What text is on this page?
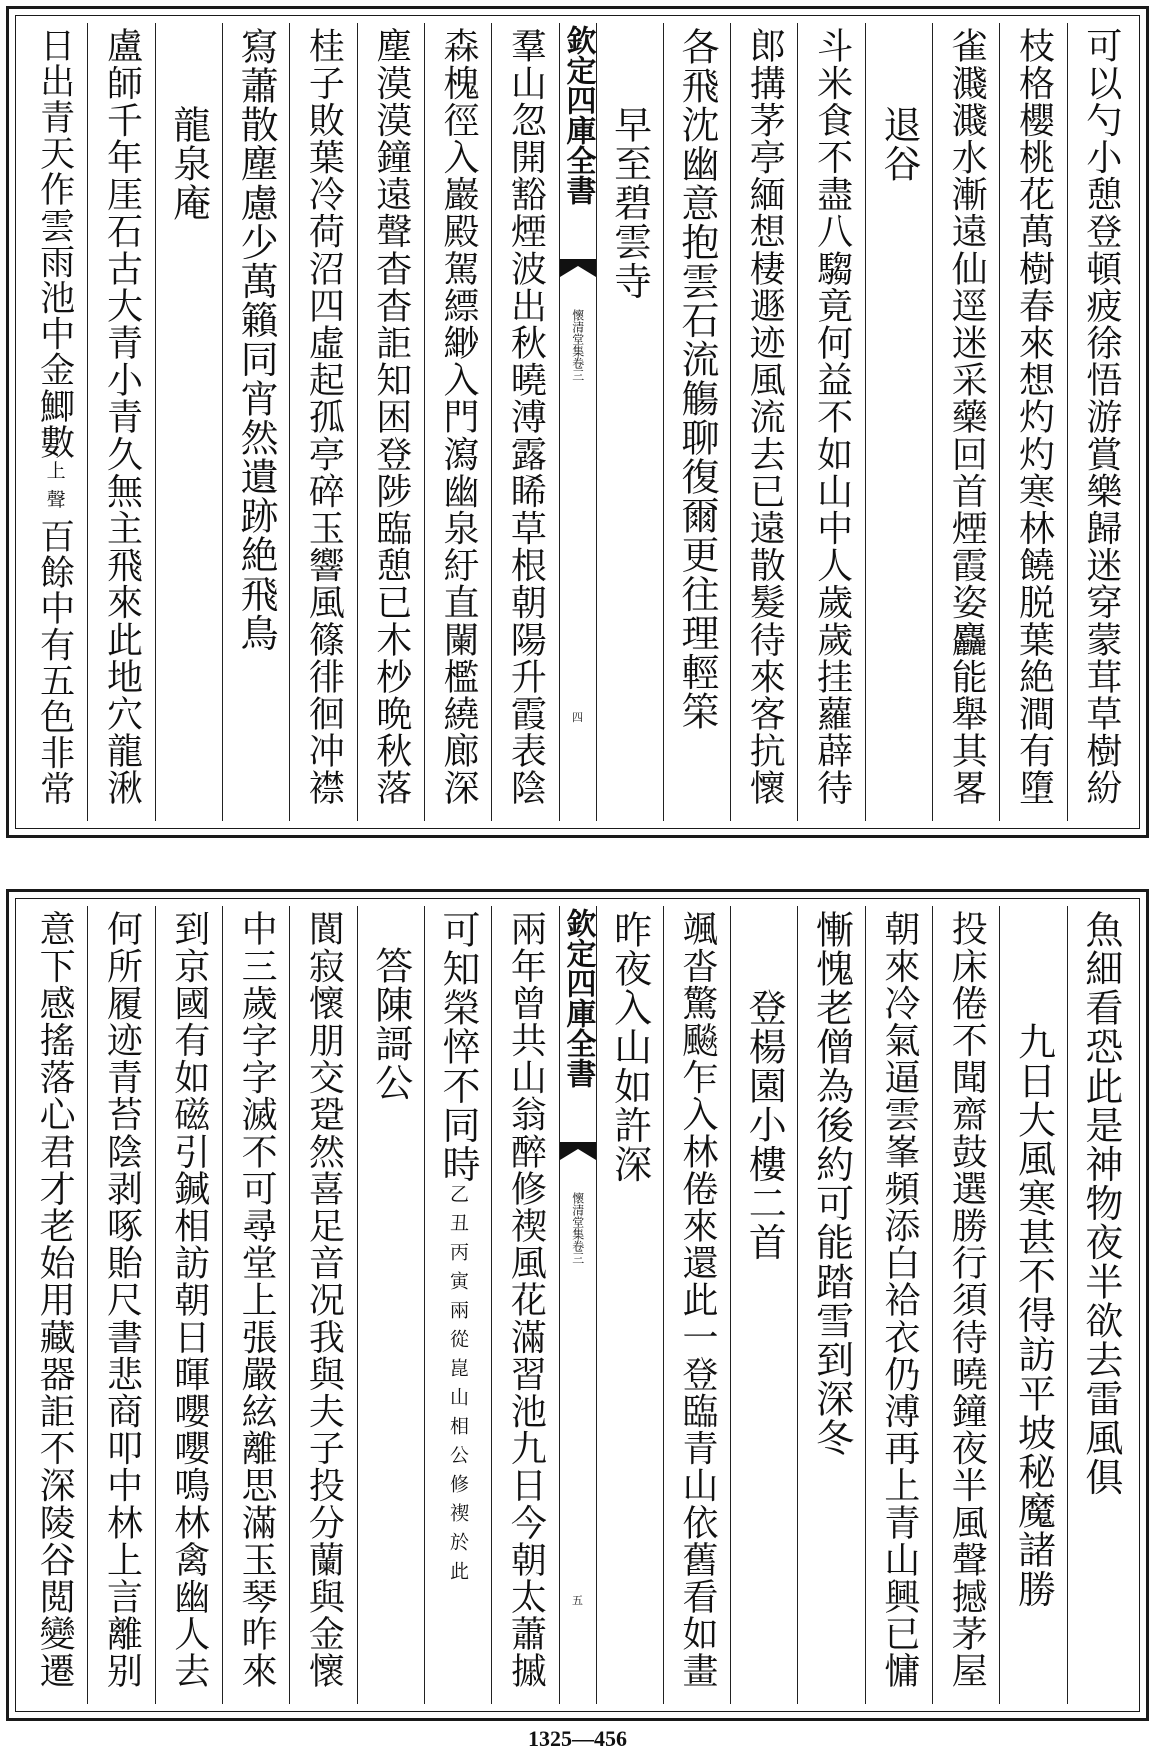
可以勺小憩登頓疲徐悟游賞樂歸迷穿蒙茸草樹紛
枝格櫻桃花萬樹春來想灼灼寒林饒脱葉絶澗有墮
雀濺濺水漸遠仙逕迷采藥回首煙霞姿麤能舉其畧
退谷
斗米食不盡八騶竟何益不如山中人歲歲挂蘿薜待
郎搆茅亭緬想棲遯迹風流去已遠散髮待來客抗懷
各飛沈幽意抱雲石流觴聊復爾更往理輕筞
早至碧雲寺
欽定四庫全書
懷清堂集卷三
四
羣山忽開豁煙波出秋曉溥露睎草根朝陽升霞表陰
森槐徑入巖殿駕縹緲入門瀉幽泉紆直闌檻繞廊深
塵漠漠鐘遠聲杳杳詎知困登陟臨憩已木杪晩秋落
桂子敗葉冷荷沼四虛起孤亭碎玉響風篠徘徊冲襟
寫蕭散塵慮少萬籟同宵然遺跡絶飛鳥
龍泉庵
盧師千年厓石古大青小青久無主飛來此地穴龍湫
日出青天作雲雨池中金鯽數上聲百餘中有五色非常
魚細看恐此是神物夜半欲去雷風俱
九日大風寒甚不得訪平坡秘魔諸勝
投床倦不聞齋鼓選勝行須待曉鐘夜半風聲撼茅屋
朝來冷氣逼雲峯頻添白袷衣仍溥再上青山興已慵
慚愧老僧為後約可能踏雪到深冬
登楊園小樓二首
颯沓驚飈乍入林倦來還此一登臨青山依舊看如畫
昨夜入山如許深
欽定四庫全書
懷清堂集卷三
五
兩年曾共山翁醉修禊風花滿習池九日今朝太蕭摵
可知榮悴不同時乙丑丙寅兩從崑山相公修禊於此
答陳謌公
閬寂懷朋交跫然喜足音况我與夫子投分蘭與金懷
中三歲字字滅不可尋堂上張嚴絃離思滿玉琴昨來
到京國有如磁引鍼相訪朝日暉嚶嚶鳴林禽幽人去
何所履迹青苔陰剥啄貽尺書悲商叩中林上言離别
意下感搖落心君才老始用藏器詎不深陵谷閲變遷
1325—456
